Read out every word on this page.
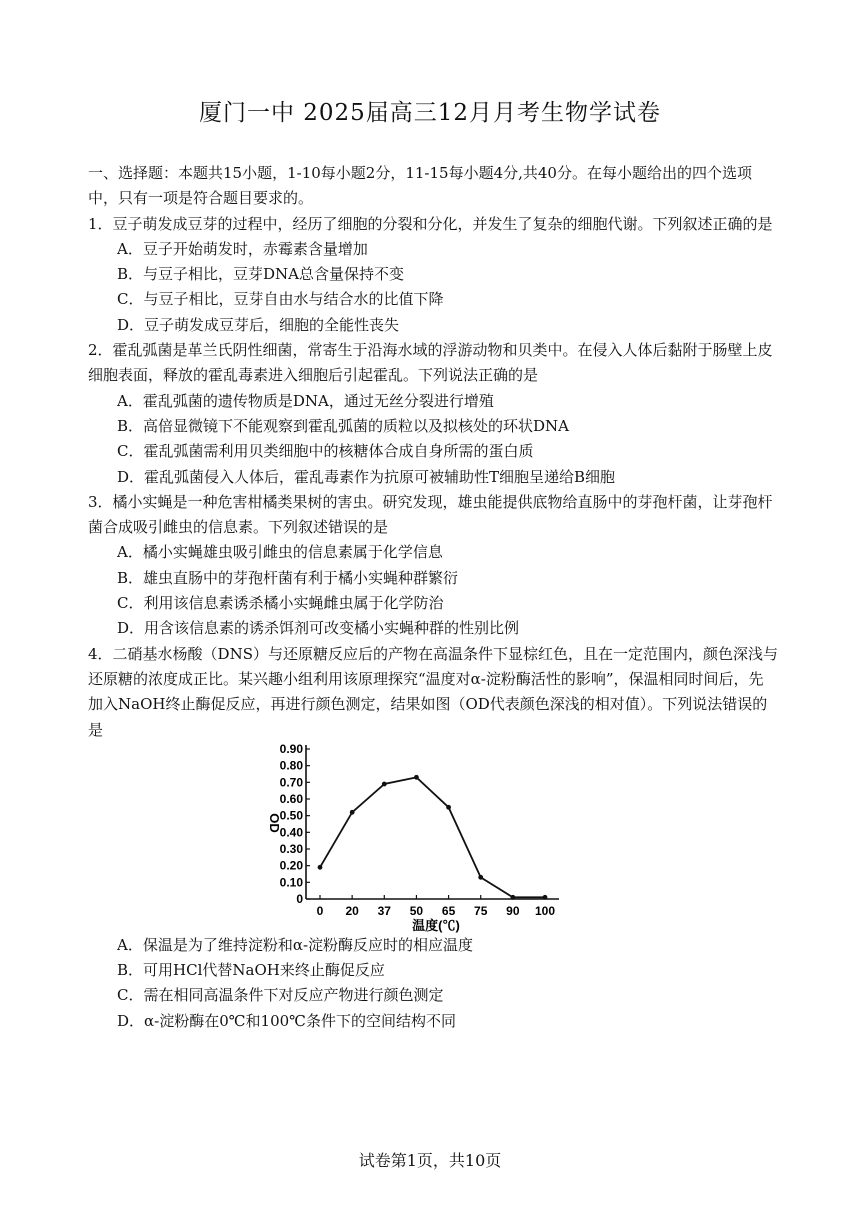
厦门一中 2025届高三12月月考生物学试卷

一、选择题：本题共15小题，1-10每小题2分，11-15每小题4分,共40分。在每小题给出的四个选项中，只有一项是符合题目要求的。

1．豆子萌发成豆芽的过程中，经历了细胞的分裂和分化，并发生了复杂的细胞代谢。下列叙述正确的是

A．豆子开始萌发时，赤霉素含量增加

B．与豆子相比，豆芽DNA总含量保持不变

C．与豆子相比，豆芽自由水与结合水的比值下降

D．豆子萌发成豆芽后，细胞的全能性丧失

2．霍乱弧菌是革兰氏阴性细菌，常寄生于沿海水域的浮游动物和贝类中。在侵入人体后黏附于肠壁上皮细胞表面，释放的霍乱毒素进入细胞后引起霍乱。下列说法正确的是

A．霍乱弧菌的遗传物质是DNA，通过无丝分裂进行增殖

B．高倍显微镜下不能观察到霍乱弧菌的质粒以及拟核处的环状DNA

C．霍乱弧菌需利用贝类细胞中的核糖体合成自身所需的蛋白质

D．霍乱弧菌侵入人体后，霍乱毒素作为抗原可被辅助性T细胞呈递给B细胞

3．橘小实蝇是一种危害柑橘类果树的害虫。研究发现，雄虫能提供底物给直肠中的芽孢杆菌，让芽孢杆菌合成吸引雌虫的信息素。下列叙述错误的是

A．橘小实蝇雄虫吸引雌虫的信息素属于化学信息

B．雄虫直肠中的芽孢杆菌有利于橘小实蝇种群繁衍

C．利用该信息素诱杀橘小实蝇雌虫属于化学防治

D．用含该信息素的诱杀饵剂可改变橘小实蝇种群的性别比例

4．二硝基水杨酸（DNS）与还原糖反应后的产物在高温条件下显棕红色，且在一定范围内，颜色深浅与还原糖的浓度成正比。某兴趣小组利用该原理探究“温度对α-淀粉酶活性的影响”，保温相同时间后，先加入NaOH终止酶促反应，再进行颜色测定，结果如图（OD代表颜色深浅的相对值）。下列说法错误的是

0
0.10
0.20
0.30
0.40
0.50
0.60
0.70
0.80
0.90
0 20 37 50 65 75 90 100
OD
温度(℃)

A．保温是为了维持淀粉和α-淀粉酶反应时的相应温度

B．可用HCl代替NaOH来终止酶促反应

C．需在相同高温条件下对反应产物进行颜色测定

D．α-淀粉酶在0℃和100℃条件下的空间结构不同

试卷第1页，共10页
